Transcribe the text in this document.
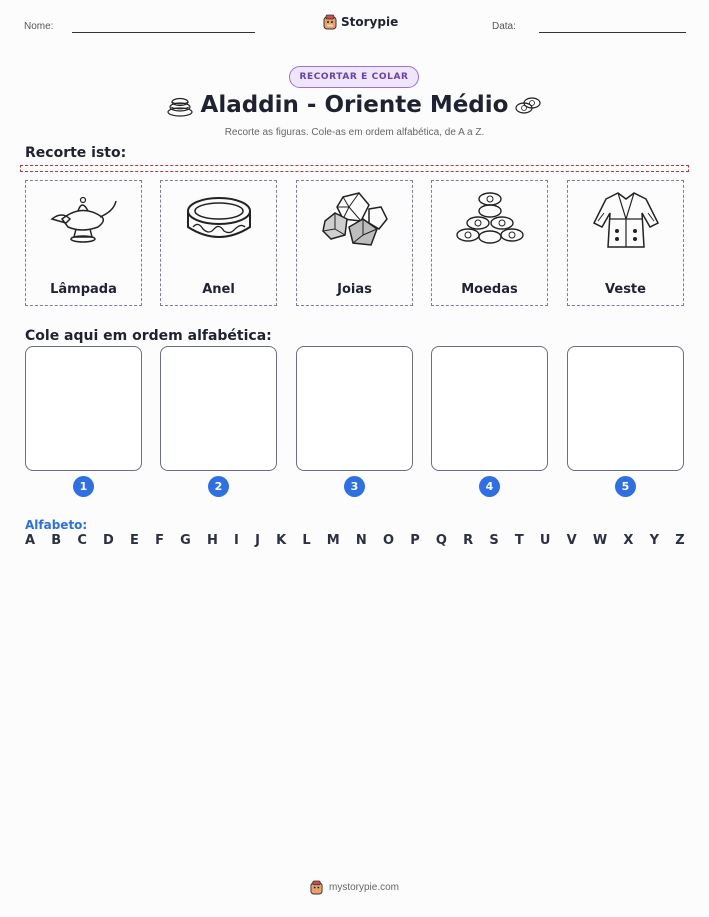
Nome:	Storypie	Data:
RECORTAR E COLAR
Aladdin - Oriente Médio
Recorte as figuras. Cole-as em ordem alfabética, de A a Z.
Recorte isto:
Lâmpada	Anel	Joias	Moedas	Veste
Cole aqui em ordem alfabética:
1	2	3	4	5
Alfabeto:
A B C D E F G H I J K L M N O P Q R S T U V W X Y Z
mystorypie.com
